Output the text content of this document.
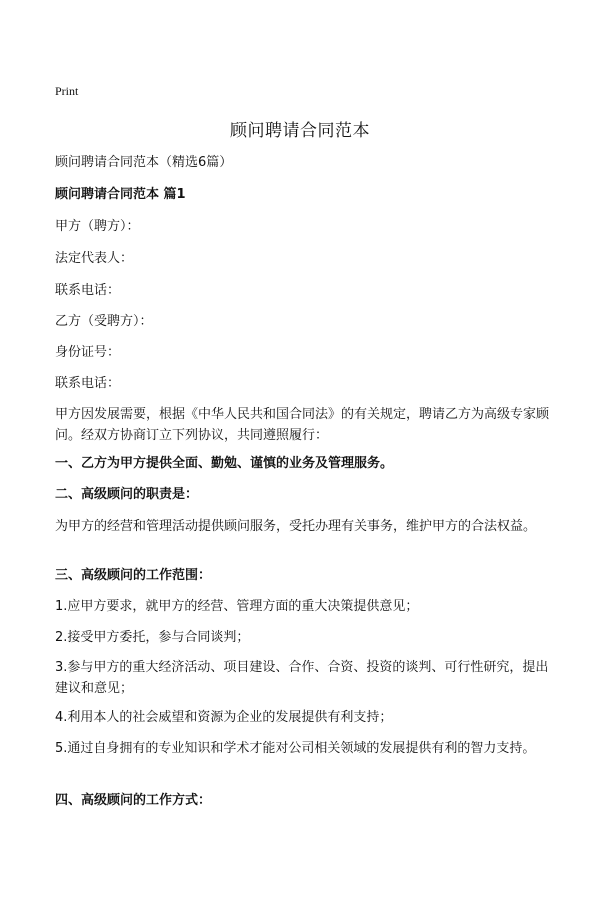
Print
顾问聘请合同范本

顾问聘请合同范本（精选6篇）

顾问聘请合同范本 篇1

甲方（聘方）：

法定代表人：

联系电话：

乙方（受聘方）：

身份证号：

联系电话：

甲方因发展需要，根据《中华人民共和国合同法》的有关规定，聘请乙方为高级专家顾问。经双方协商订立下列协议，共同遵照履行：

一、乙方为甲方提供全面、勤勉、谨慎的业务及管理服务。

二、高级顾问的职责是：

为甲方的经营和管理活动提供顾问服务，受托办理有关事务，维护甲方的合法权益。

三、高级顾问的工作范围：

1.应甲方要求，就甲方的经营、管理方面的重大决策提供意见；

2.接受甲方委托，参与合同谈判；

3.参与甲方的重大经济活动、项目建设、合作、合资、投资的谈判、可行性研究，提出建议和意见；

4.利用本人的社会威望和资源为企业的发展提供有利支持；

5.通过自身拥有的专业知识和学术才能对公司相关领域的发展提供有利的智力支持。

四、高级顾问的工作方式：
